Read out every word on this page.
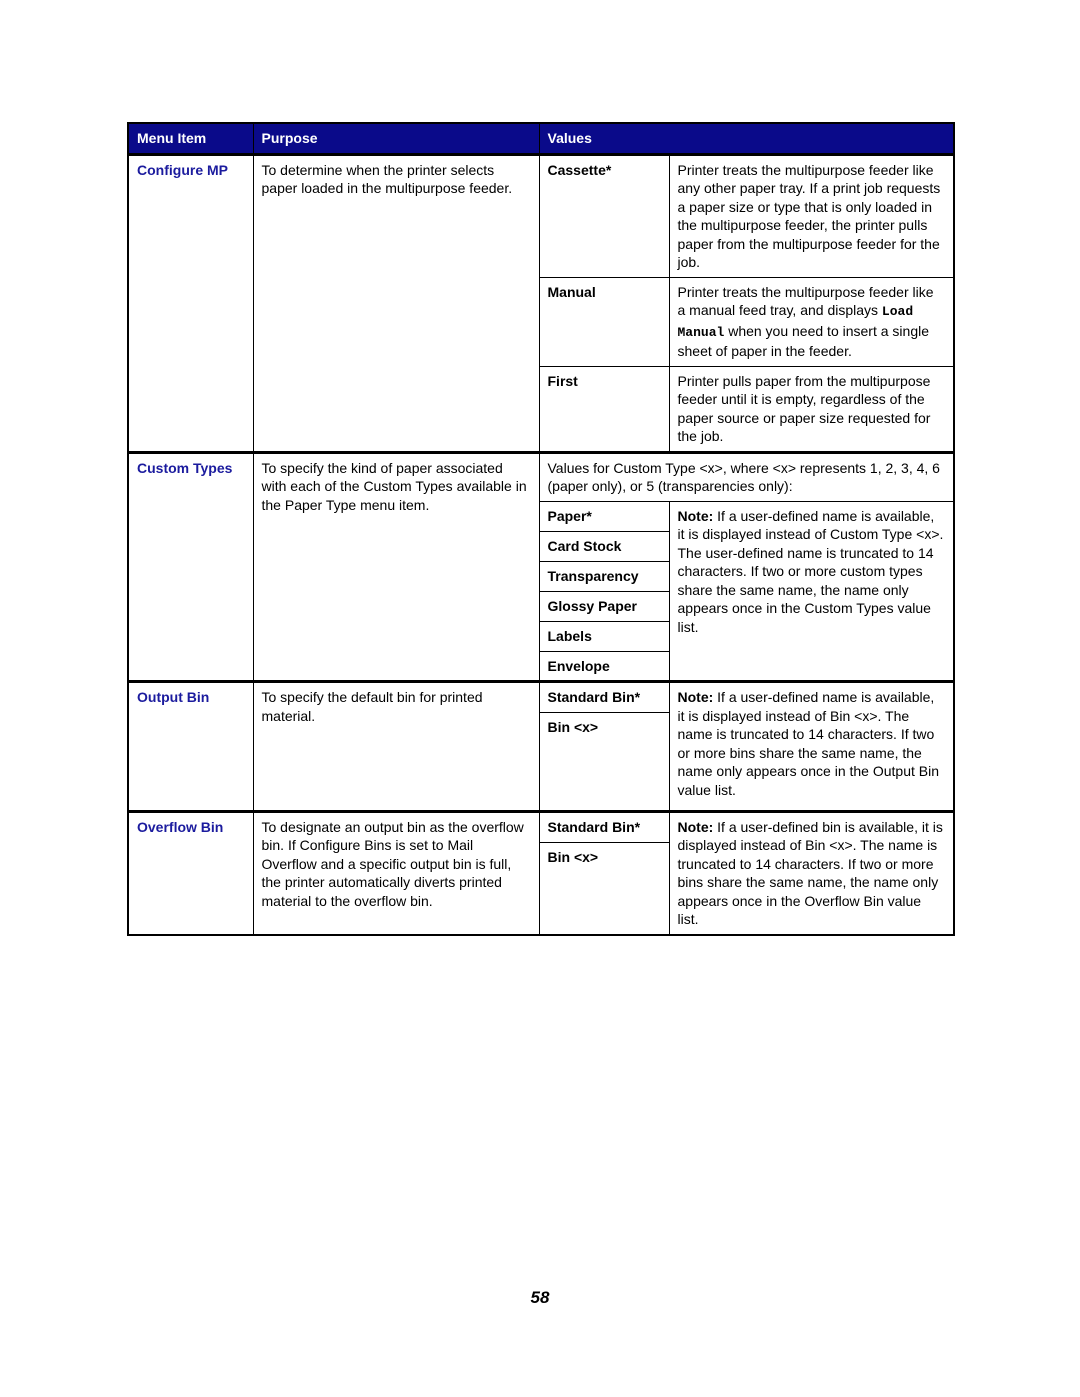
Menu Item	Purpose	Values	
Configure MP	To determine when the printer selects paper loaded in the multipurpose feeder.	Cassette*	Printer treats the multipurpose feeder like any other paper tray. If a print job requests a paper size or type that is only loaded in the multipurpose feeder, the printer pulls paper from the multipurpose feeder for the job.
		Manual	Printer treats the multipurpose feeder like a manual feed tray, and displays Load Manual when you need to insert a single sheet of paper in the feeder.
		First	Printer pulls paper from the multipurpose feeder until it is empty, regardless of the paper source or paper size requested for the job.
Custom Types	To specify the kind of paper associated with each of the Custom Types available in the Paper Type menu item.	Values for Custom Type <x>, where <x> represents 1, 2, 3, 4, 6 (paper only), or 5 (transparencies only):	
		Paper*	Note: If a user-defined name is available, it is displayed instead of Custom Type <x>. The user-defined name is truncated to 14 characters. If two or more custom types share the same name, the name only appears once in the Custom Types value list.
		Card Stock	
		Transparency	
		Glossy Paper	
		Labels	
		Envelope	
Output Bin	To specify the default bin for printed material.	Standard Bin*	Note: If a user-defined name is available, it is displayed instead of Bin <x>. The name is truncated to 14 characters. If two or more bins share the same name, the name only appears once in the Output Bin value list.
		Bin <x>	
Overflow Bin	To designate an output bin as the overflow bin. If Configure Bins is set to Mail Overflow and a specific output bin is full, the printer automatically diverts printed material to the overflow bin.	Standard Bin*	Note: If a user-defined bin is available, it is displayed instead of Bin <x>. The name is truncated to 14 characters. If two or more bins share the same name, the name only appears once in the Overflow Bin value list.
		Bin <x>	
58
